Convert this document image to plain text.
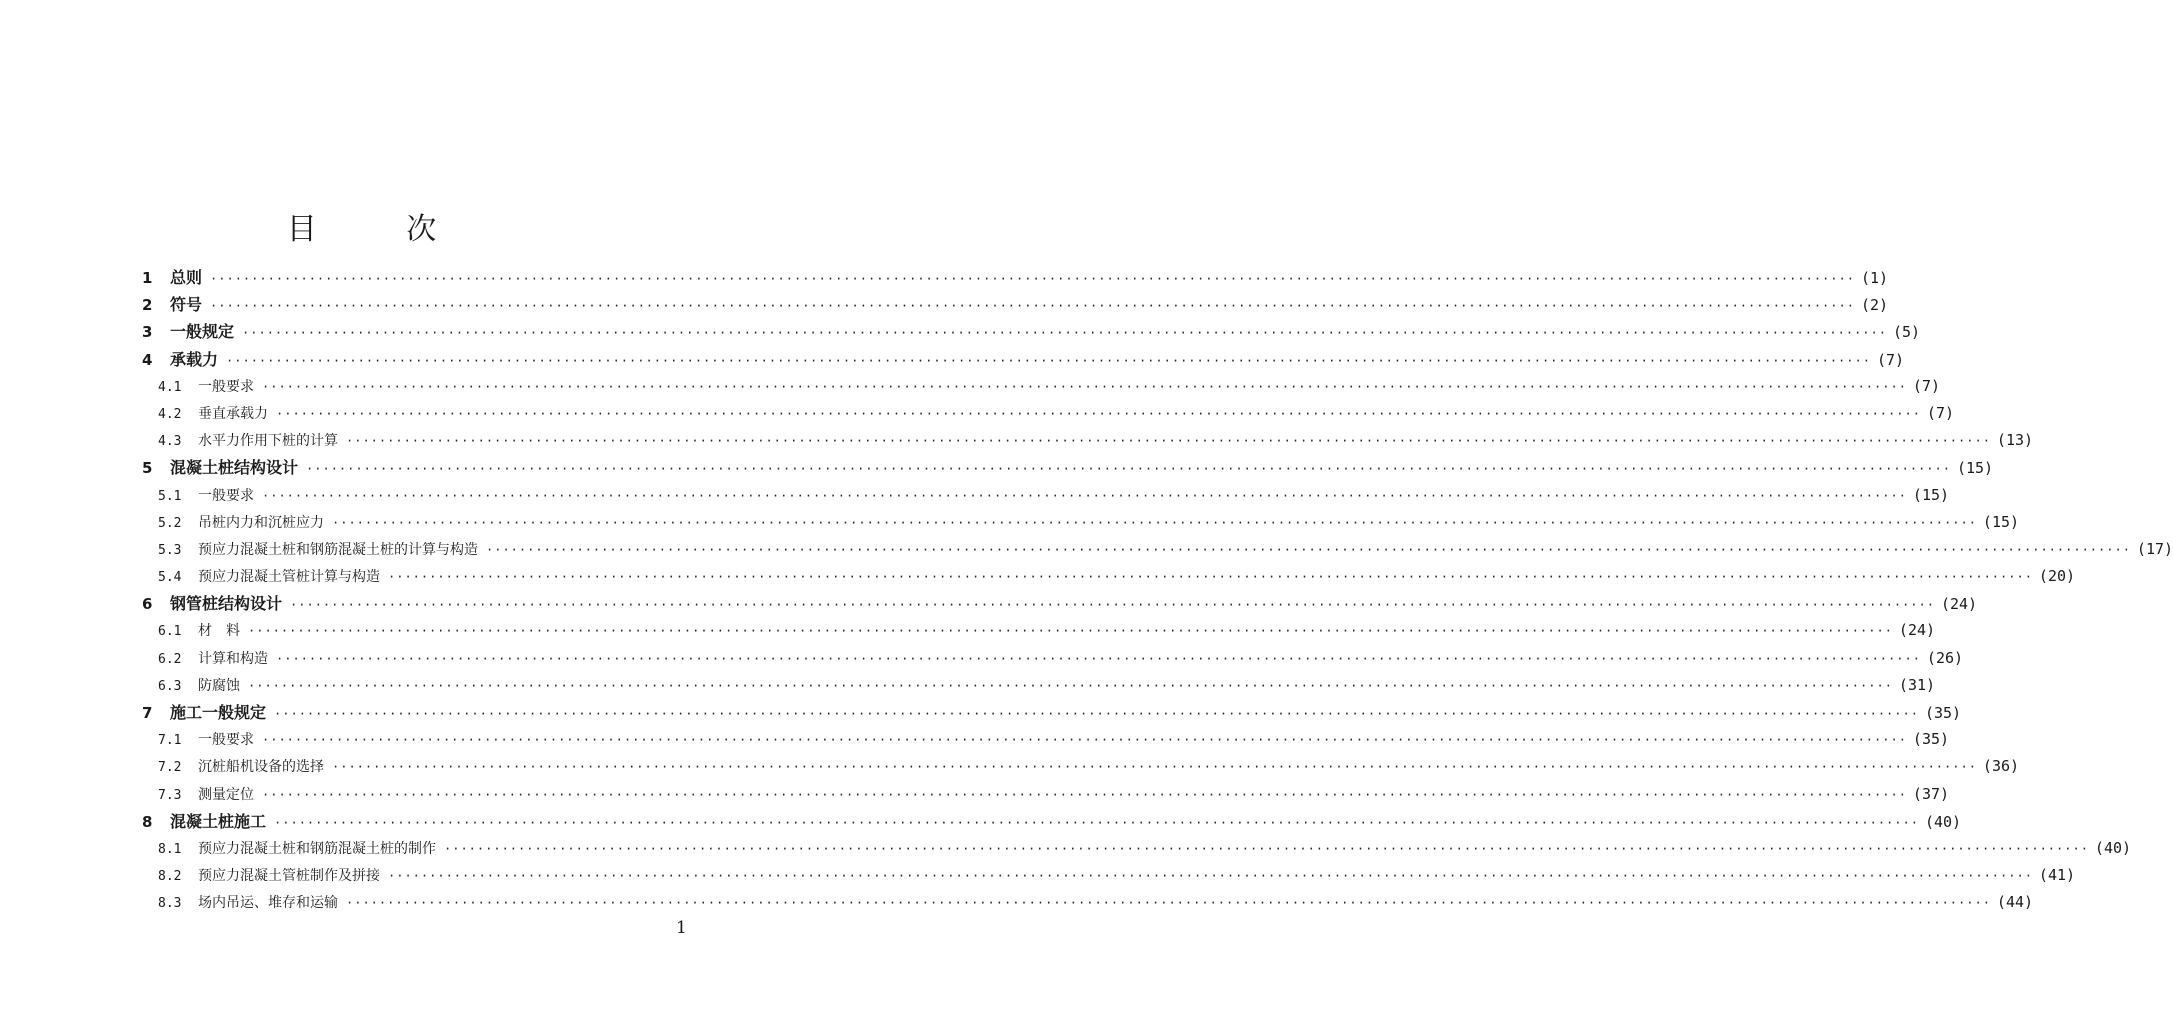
目 次
1	总则 ········································································································································································································ (1)
2	符号 ········································································································································································································ (2)
3	一般规定 ········································································································································································································ (5)
4	承载力 ········································································································································································································ (7)
4.1	一般要求 ········································································································································································································ (7)
4.2	垂直承载力 ········································································································································································································ (7)
4.3	水平力作用下桩的计算 ········································································································································································································ (13)
5	混凝土桩结构设计 ········································································································································································································ (15)
5.1	一般要求 ········································································································································································································ (15)
5.2	吊桩内力和沉桩应力 ········································································································································································································ (15)
5.3	预应力混凝土桩和钢筋混凝土桩的计算与构造 ········································································································································································································ (17)
5.4	预应力混凝土管桩计算与构造 ········································································································································································································ (20)
6	钢管桩结构设计 ········································································································································································································ (24)
6.1	材　料 ········································································································································································································ (24)
6.2	计算和构造 ········································································································································································································ (26)
6.3	防腐蚀 ········································································································································································································ (31)
7	施工一般规定 ········································································································································································································ (35)
7.1	一般要求 ········································································································································································································ (35)
7.2	沉桩船机设备的选择 ········································································································································································································ (36)
7.3	测量定位 ········································································································································································································ (37)
8	混凝土桩施工 ········································································································································································································ (40)
8.1	预应力混凝土桩和钢筋混凝土桩的制作 ········································································································································································································ (40)
8.2	预应力混凝土管桩制作及拼接 ········································································································································································································ (41)
8.3	场内吊运、堆存和运输 ········································································································································································································ (44)
1
